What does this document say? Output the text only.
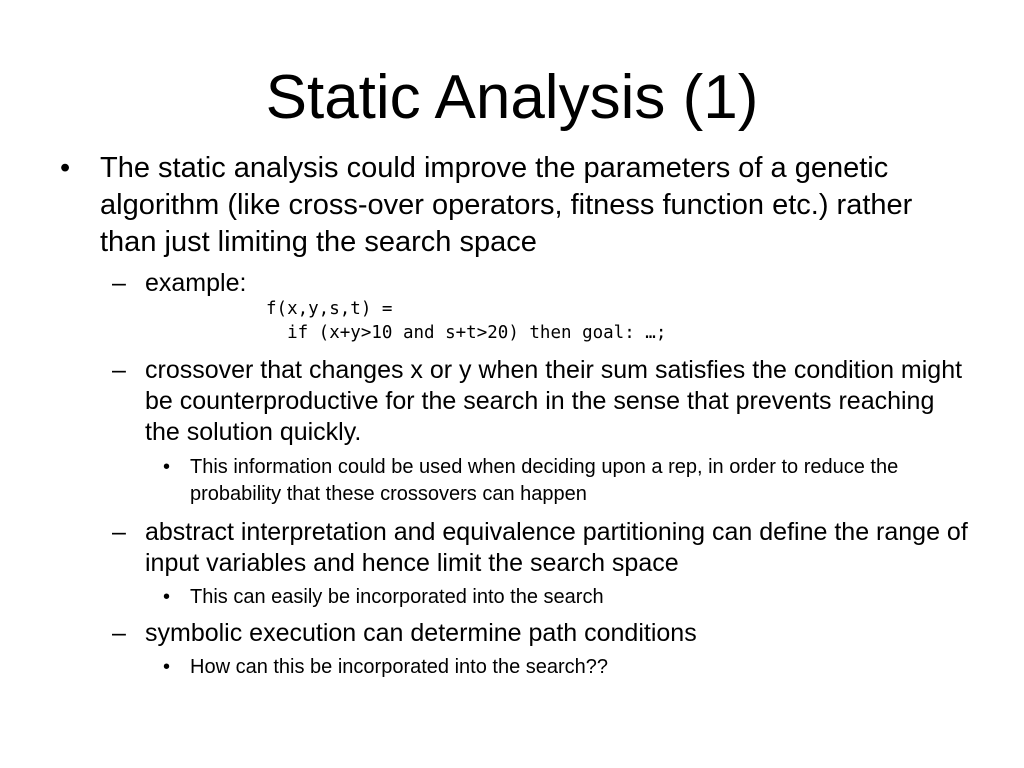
Static Analysis (1)
• The static analysis could improve the parameters of a genetic algorithm (like cross-over operators, fitness function etc.) rather than just limiting the search space
– example:
f(x,y,s,t) =
if (x+y>10 and s+t>20) then goal: …;
– crossover that changes x or y when their sum satisfies the condition might be counterproductive for the search in the sense that prevents reaching the solution quickly.
• This information could be used when deciding upon a rep, in order to reduce the probability that these crossovers can happen
– abstract interpretation and equivalence partitioning can define the range of input variables and hence limit the search space
• This can easily be incorporated into the search
– symbolic execution can determine path conditions
• How can this be incorporated into the search??
